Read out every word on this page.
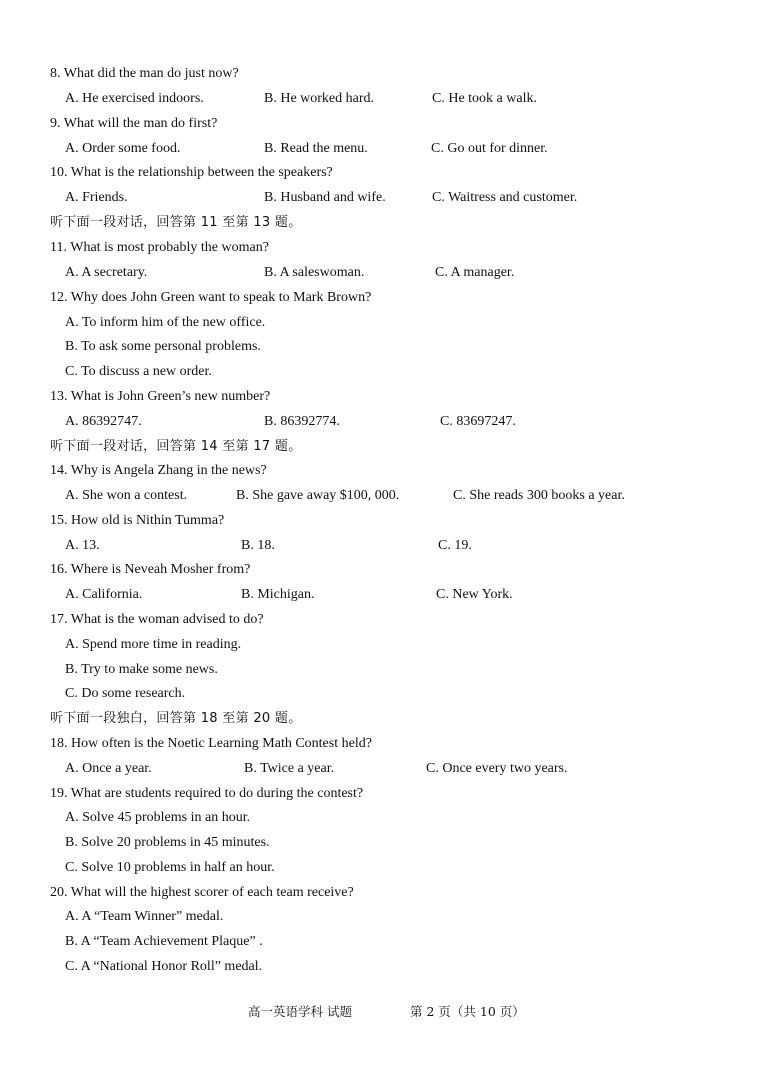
8. What did the man do just now?
A. He exercised indoors.	B. He worked hard.	C. He took a walk.
9. What will the man do first?
A. Order some food.	B. Read the menu.	C. Go out for dinner.
10. What is the relationship between the speakers?
A. Friends.	B. Husband and wife.	C. Waitress and customer.
听下面一段对话，回答第 11 至第 13 题。
11. What is most probably the woman?
A. A secretary.	B. A saleswoman.	C. A manager.
12. Why does John Green want to speak to Mark Brown?
A. To inform him of the new office.
B. To ask some personal problems.
C. To discuss a new order.
13. What is John Green’s new number?
A. 86392747.	B. 86392774.	C. 83697247.
听下面一段对话，回答第 14 至第 17 题。
14. Why is Angela Zhang in the news?
A. She won a contest.	B. She gave away $100, 000.	C. She reads 300 books a year.
15. How old is Nithin Tumma?
A. 13.	B. 18.	C. 19.
16. Where is Neveah Mosher from?
A. California.	B. Michigan.	C. New York.
17. What is the woman advised to do?
A. Spend more time in reading.
B. Try to make some news.
C. Do some research.
听下面一段独白，回答第 18 至第 20 题。
18. How often is the Noetic Learning Math Contest held?
A. Once a year.	B. Twice a year.	C. Once every two years.
19. What are students required to do during the contest?
A. Solve 45 problems in an hour.
B. Solve 20 problems in 45 minutes.
C. Solve 10 problems in half an hour.
20. What will the highest scorer of each team receive?
A. A “Team Winner” medal.
B. A “Team Achievement Plaque” .
C. A “National Honor Roll” medal.
高一英语学科 试题	第 2 页（共 10 页）
